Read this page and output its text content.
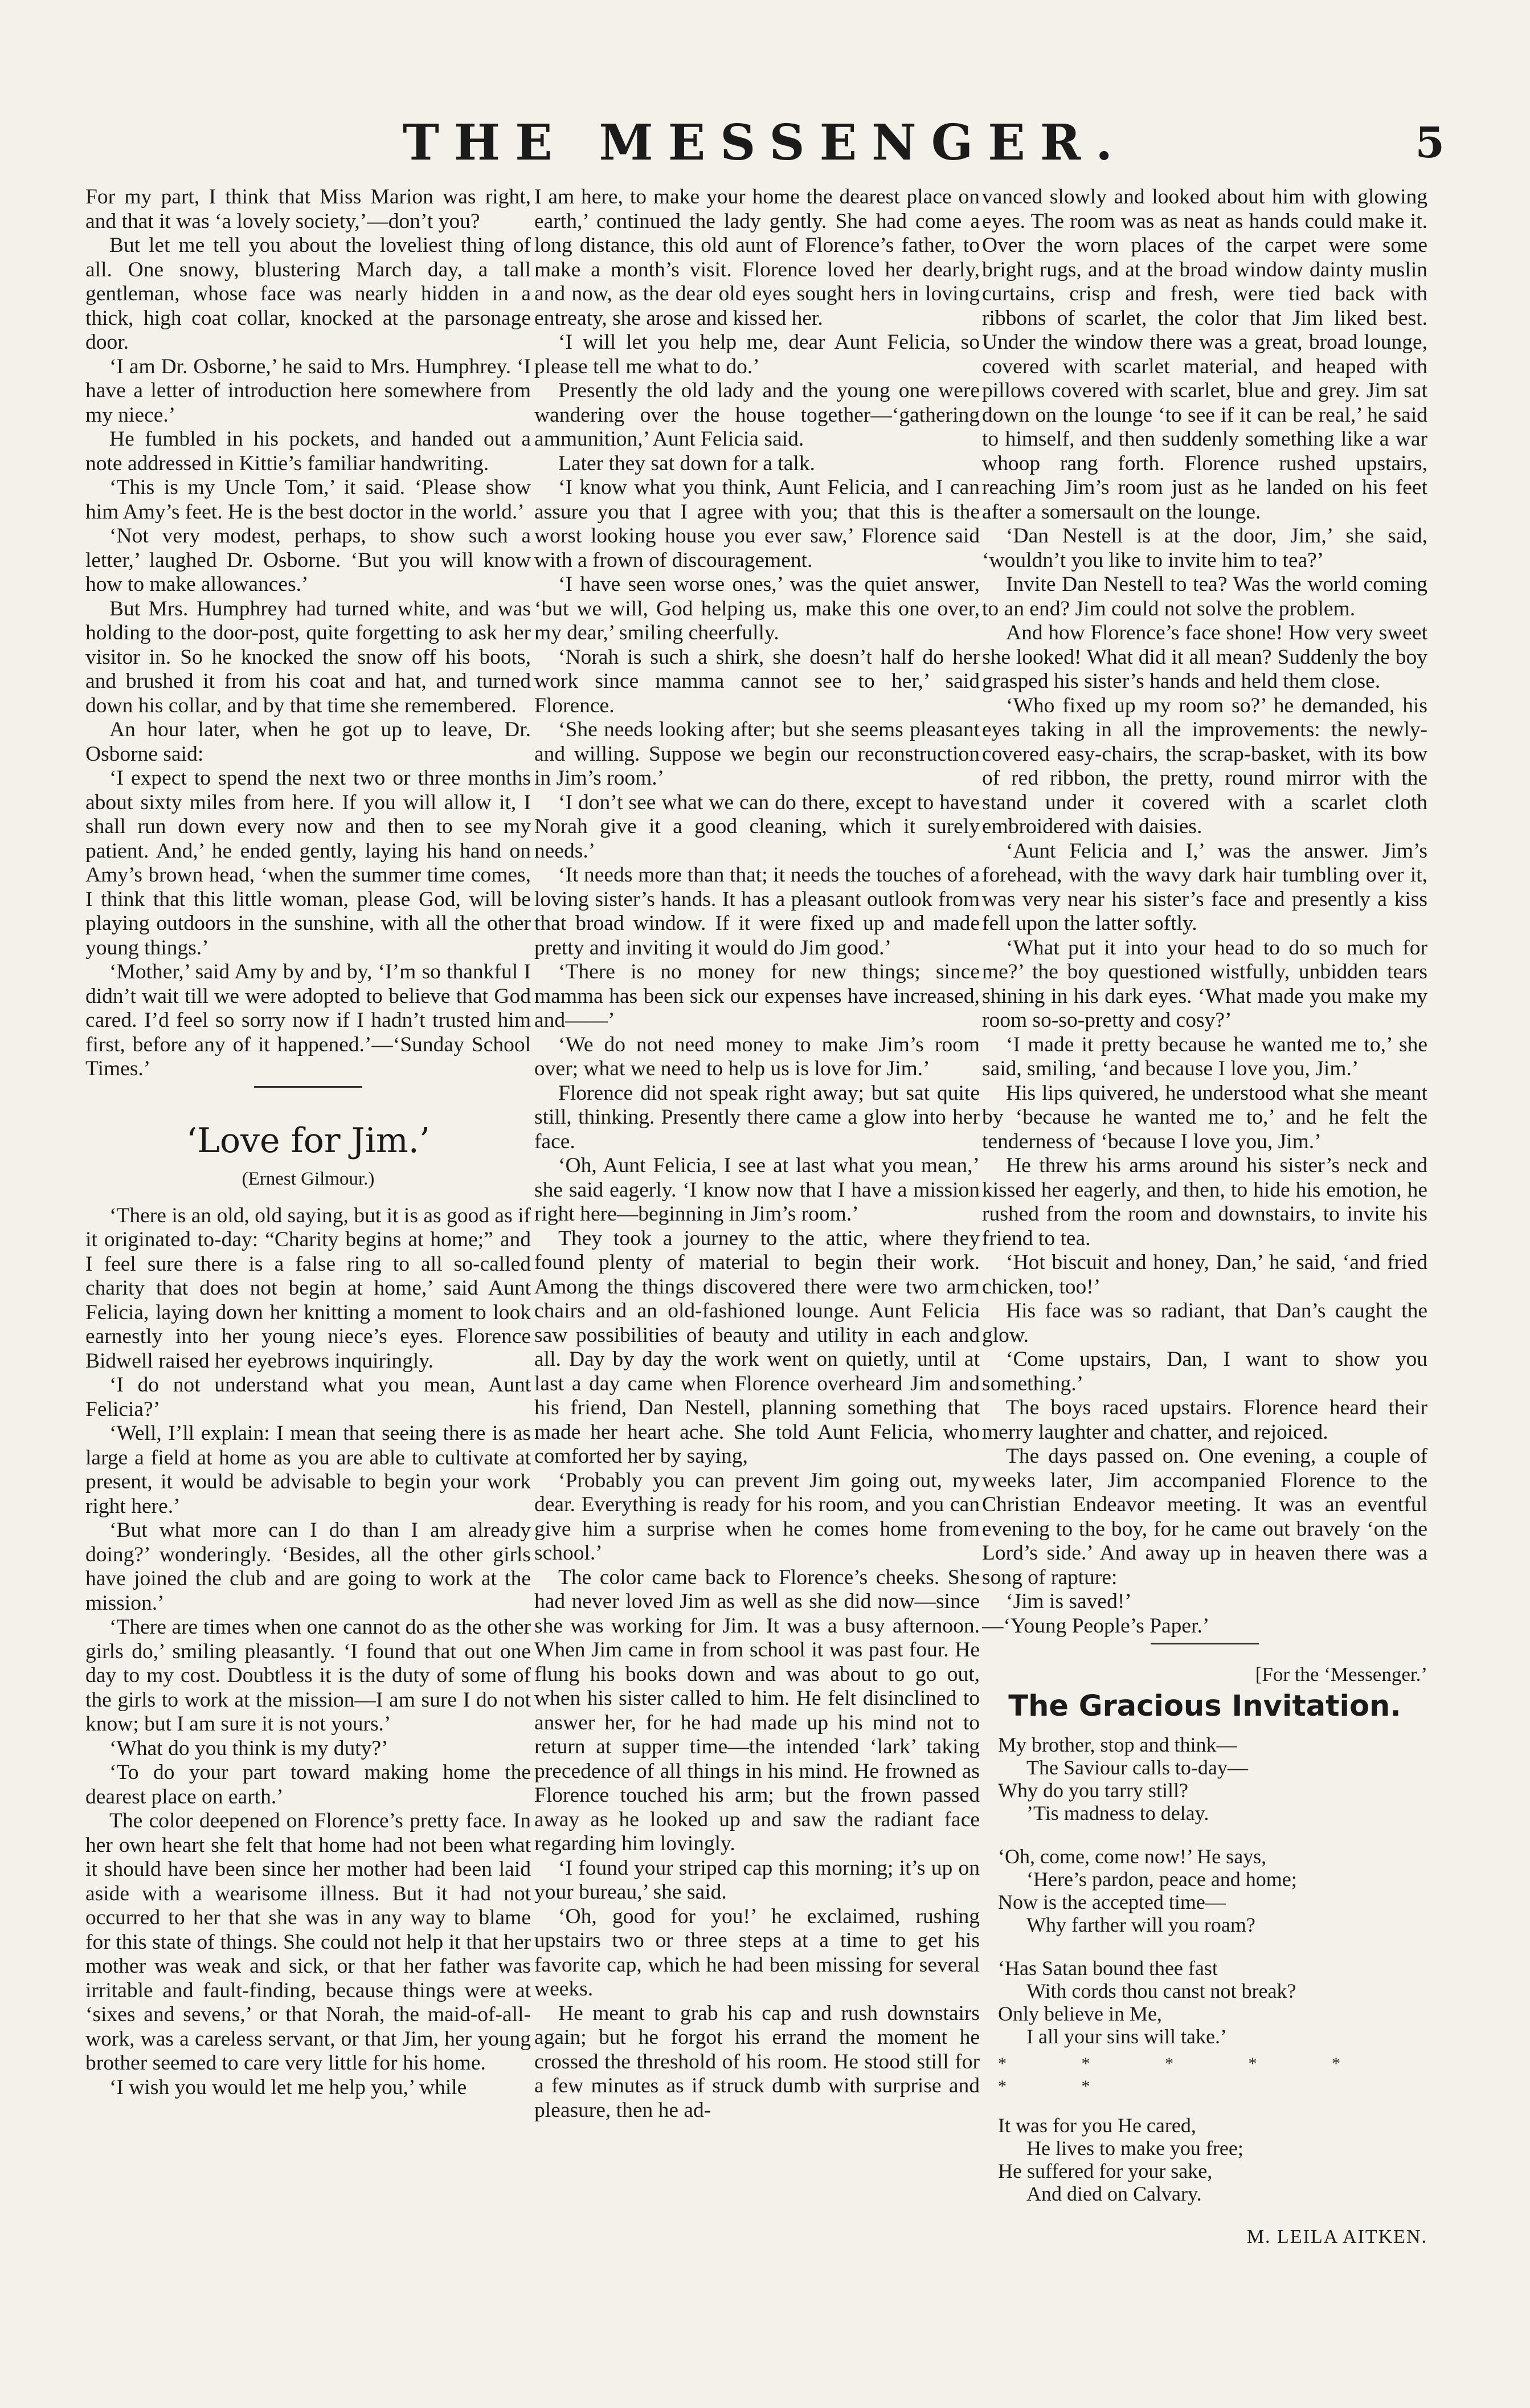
THE MESSENGER.	5

For my part, I think that Miss Marion was right, and that it was ‘a lovely society,’—don’t you?

But let me tell you about the loveliest thing of all. One snowy, blustering March day, a tall gentleman, whose face was nearly hidden in a thick, high coat collar, knocked at the parsonage door.

‘I am Dr. Osborne,’ he said to Mrs. Humphrey. ‘I have a letter of introduction here somewhere from my niece.’

He fumbled in his pockets, and handed out a note addressed in Kittie’s familiar handwriting.

‘This is my Uncle Tom,’ it said. ‘Please show him Amy’s feet. He is the best doctor in the world.’

‘Not very modest, perhaps, to show such a letter,’ laughed Dr. Osborne. ‘But you will know how to make allowances.’

But Mrs. Humphrey had turned white, and was holding to the door-post, quite forgetting to ask her visitor in. So he knocked the snow off his boots, and brushed it from his coat and hat, and turned down his collar, and by that time she remembered.

An hour later, when he got up to leave, Dr. Osborne said:

‘I expect to spend the next two or three months about sixty miles from here. If you will allow it, I shall run down every now and then to see my patient. And,’ he ended gently, laying his hand on Amy’s brown head, ‘when the summer time comes, I think that this little woman, please God, will be playing outdoors in the sunshine, with all the other young things.’

‘Mother,’ said Amy by and by, ‘I’m so thankful I didn’t wait till we were adopted to believe that God cared. I’d feel so sorry now if I hadn’t trusted him first, before any of it happened.’—‘Sunday School Times.’

‘Love for Jim.’
(Ernest Gilmour.)

‘There is an old, old saying, but it is as good as if it originated to-day: “Charity begins at home;” and I feel sure there is a false ring to all so-called charity that does not begin at home,’ said Aunt Felicia, laying down her knitting a moment to look earnestly into her young niece’s eyes. Florence Bidwell raised her eyebrows inquiringly.

‘I do not understand what you mean, Aunt Felicia?’

‘Well, I’ll explain: I mean that seeing there is as large a field at home as you are able to cultivate at present, it would be advisable to begin your work right here.’

‘But what more can I do than I am already doing?’ wonderingly. ‘Besides, all the other girls have joined the club and are going to work at the mission.’

‘There are times when one cannot do as the other girls do,’ smiling pleasantly. ‘I found that out one day to my cost. Doubtless it is the duty of some of the girls to work at the mission—I am sure I do not know; but I am sure it is not yours.’

‘What do you think is my duty?’

‘To do your part toward making home the dearest place on earth.’

The color deepened on Florence’s pretty face. In her own heart she felt that home had not been what it should have been since her mother had been laid aside with a wearisome illness. But it had not occurred to her that she was in any way to blame for this state of things. She could not help it that her mother was weak and sick, or that her father was irritable and fault-finding, because things were at ‘sixes and sevens,’ or that Norah, the maid-of-all-work, was a careless servant, or that Jim, her young brother seemed to care very little for his home.

‘I wish you would let me help you,’ while

I am here, to make your home the dearest place on earth,’ continued the lady gently. She had come a long distance, this old aunt of Florence’s father, to make a month’s visit. Florence loved her dearly, and now, as the dear old eyes sought hers in loving entreaty, she arose and kissed her.

‘I will let you help me, dear Aunt Felicia, so please tell me what to do.’

Presently the old lady and the young one were wandering over the house together—‘gathering ammunition,’ Aunt Felicia said.

Later they sat down for a talk.

‘I know what you think, Aunt Felicia, and I can assure you that I agree with you; that this is the worst looking house you ever saw,’ Florence said with a frown of discouragement.

‘I have seen worse ones,’ was the quiet answer, ‘but we will, God helping us, make this one over, my dear,’ smiling cheerfully.

‘Norah is such a shirk, she doesn’t half do her work since mamma cannot see to her,’ said Florence.

‘She needs looking after; but she seems pleasant and willing. Suppose we begin our reconstruction in Jim’s room.’

‘I don’t see what we can do there, except to have Norah give it a good cleaning, which it surely needs.’

‘It needs more than that; it needs the touches of a loving sister’s hands. It has a pleasant outlook from that broad window. If it were fixed up and made pretty and inviting it would do Jim good.’

‘There is no money for new things; since mamma has been sick our expenses have increased, and——’

‘We do not need money to make Jim’s room over; what we need to help us is love for Jim.’

Florence did not speak right away; but sat quite still, thinking. Presently there came a glow into her face.

‘Oh, Aunt Felicia, I see at last what you mean,’ she said eagerly. ‘I know now that I have a mission right here—beginning in Jim’s room.’

They took a journey to the attic, where they found plenty of material to begin their work. Among the things discovered there were two arm chairs and an old-fashioned lounge. Aunt Felicia saw possibilities of beauty and utility in each and all. Day by day the work went on quietly, until at last a day came when Florence overheard Jim and his friend, Dan Nestell, planning something that made her heart ache. She told Aunt Felicia, who comforted her by saying,

‘Probably you can prevent Jim going out, my dear. Everything is ready for his room, and you can give him a surprise when he comes home from school.’

The color came back to Florence’s cheeks. She had never loved Jim as well as she did now—since she was working for Jim. It was a busy afternoon. When Jim came in from school it was past four. He flung his books down and was about to go out, when his sister called to him. He felt disinclined to answer her, for he had made up his mind not to return at supper time—the intended ‘lark’ taking precedence of all things in his mind. He frowned as Florence touched his arm; but the frown passed away as he looked up and saw the radiant face regarding him lovingly.

‘I found your striped cap this morning; it’s up on your bureau,’ she said.

‘Oh, good for you!’ he exclaimed, rushing upstairs two or three steps at a time to get his favorite cap, which he had been missing for several weeks.

He meant to grab his cap and rush downstairs again; but he forgot his errand the moment he crossed the threshold of his room. He stood still for a few minutes as if struck dumb with surprise and pleasure, then he ad-

vanced slowly and looked about him with glowing eyes. The room was as neat as hands could make it. Over the worn places of the carpet were some bright rugs, and at the broad window dainty muslin curtains, crisp and fresh, were tied back with ribbons of scarlet, the color that Jim liked best. Under the window there was a great, broad lounge, covered with scarlet material, and heaped with pillows covered with scarlet, blue and grey. Jim sat down on the lounge ‘to see if it can be real,’ he said to himself, and then suddenly something like a war whoop rang forth. Florence rushed upstairs, reaching Jim’s room just as he landed on his feet after a somersault on the lounge.

‘Dan Nestell is at the door, Jim,’ she said, ‘wouldn’t you like to invite him to tea?’

Invite Dan Nestell to tea? Was the world coming to an end? Jim could not solve the problem.

And how Florence’s face shone! How very sweet she looked! What did it all mean? Suddenly the boy grasped his sister’s hands and held them close.

‘Who fixed up my room so?’ he demanded, his eyes taking in all the improvements: the newly-covered easy-chairs, the scrap-basket, with its bow of red ribbon, the pretty, round mirror with the stand under it covered with a scarlet cloth embroidered with daisies.

‘Aunt Felicia and I,’ was the answer. Jim’s forehead, with the wavy dark hair tumbling over it, was very near his sister’s face and presently a kiss fell upon the latter softly.

‘What put it into your head to do so much for me?’ the boy questioned wistfully, unbidden tears shining in his dark eyes. ‘What made you make my room so-so-pretty and cosy?’

‘I made it pretty because he wanted me to,’ she said, smiling, ‘and because I love you, Jim.’

His lips quivered, he understood what she meant by ‘because he wanted me to,’ and he felt the tenderness of ‘because I love you, Jim.’

He threw his arms around his sister’s neck and kissed her eagerly, and then, to hide his emotion, he rushed from the room and downstairs, to invite his friend to tea.

‘Hot biscuit and honey, Dan,’ he said, ‘and fried chicken, too!’

His face was so radiant, that Dan’s caught the glow.

‘Come upstairs, Dan, I want to show you something.’

The boys raced upstairs. Florence heard their merry laughter and chatter, and rejoiced.

The days passed on. One evening, a couple of weeks later, Jim accompanied Florence to the Christian Endeavor meeting. It was an eventful evening to the boy, for he came out bravely ‘on the Lord’s side.’ And away up in heaven there was a song of rapture:

‘Jim is saved!’

—‘Young People’s Paper.’

[For the ‘Messenger.’
The Gracious Invitation.
My brother, stop and think—
The Saviour calls to-day—
Why do you tarry still?
’Tis madness to delay.
‘Oh, come, come now!’ He says,
‘Here’s pardon, peace and home;
Now is the accepted time—
Why farther will you roam?
‘Has Satan bound thee fast
With cords thou canst not break?
Only believe in Me,
I all your sins will take.’
* * * * * * *
It was for you He cared,
He lives to make you free;
He suffered for your sake,
And died on Calvary.
M. LEILA AITKEN.
